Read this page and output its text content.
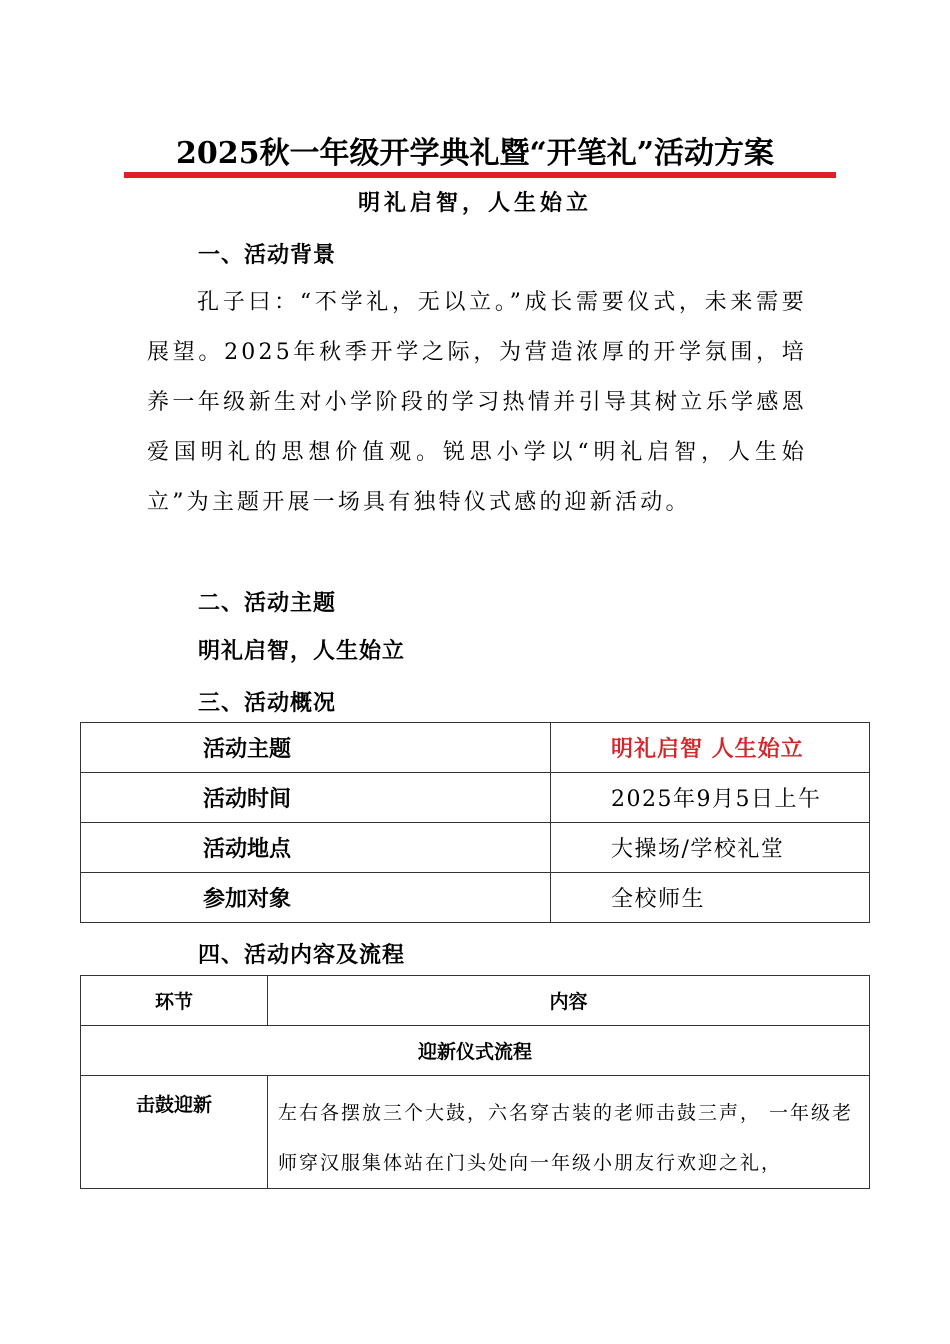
2025秋一年级开学典礼暨“开笔礼”活动方案
明礼启智，人生始立
一、活动背景
孔子曰：“不学礼，无以立。”成长需要仪式，未来需要展望。2025年秋季开学之际，为营造浓厚的开学氛围，培养一年级新生对小学阶段的学习热情并引导其树立乐学感恩爱国明礼的思想价值观。锐思小学以“明礼启智，人生始立”为主题开展一场具有独特仪式感的迎新活动。
二、活动主题
明礼启智，人生始立
三、活动概况
活动主题	明礼启智 人生始立
活动时间	2025年9月5日上午
活动地点	大操场/学校礼堂
参加对象	全校师生
四、活动内容及流程
环节	内容
迎新仪式流程	
击鼓迎新	左右各摆放三个大鼓，六名穿古装的老师击鼓三声， 一年级老师穿汉服集体站在门头处向一年级小朋友行欢迎之礼，
